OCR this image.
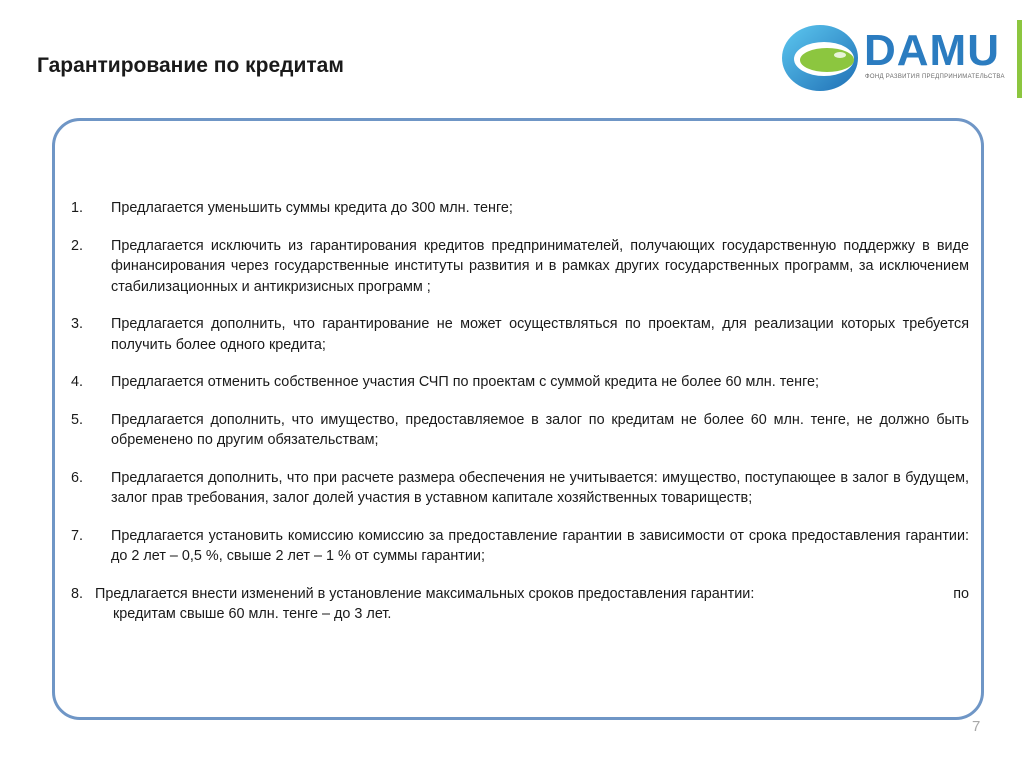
Гарантирование по кредитам	DAMU
ФОНД РАЗВИТИЯ ПРЕДПРИНИМАТЕЛЬСТВА
1.	Предлагается уменьшить суммы кредита до 300 млн. тенге;
2.	Предлагается исключить из гарантирования кредитов предпринимателей, получающих государственную поддержку в виде финансирования через государственные институты развития и в рамках других государственных программ, за исключением стабилизационных и антикризисных программ ;
3.	Предлагается дополнить, что гарантирование не может осуществляться по проектам, для реализации которых требуется получить более одного кредита;
4.	Предлагается отменить собственное участия СЧП по проектам с суммой кредита не более 60 млн. тенге;
5.	Предлагается дополнить, что имущество, предоставляемое в залог по кредитам не более 60 млн. тенге, не должно быть обременено по другим обязательствам;
6.	Предлагается дополнить, что при расчете размера обеспечения не учитывается: имущество, поступающее в залог в будущем, залог прав требования, залог долей участия в уставном капитале хозяйственных товариществ;
7.	Предлагается установить комиссию комиссию за предоставление гарантии в зависимости от срока предоставления гарантии: до 2 лет – 0,5 %, свыше 2 лет – 1 % от суммы гарантии;
8. Предлагается внести изменений в установление максимальных сроков предоставления гарантии:	по
кредитам свыше 60 млн. тенге – до 3 лет.
7
